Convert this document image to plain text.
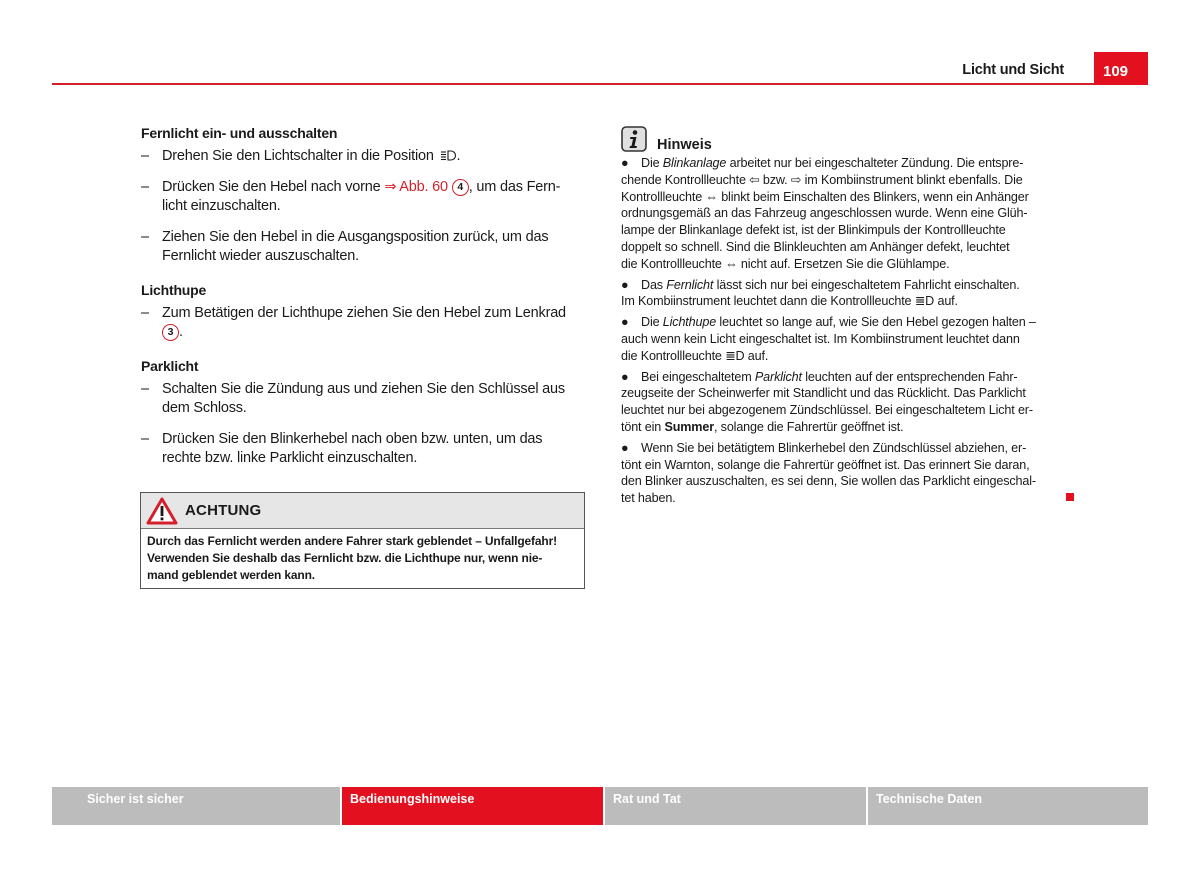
Licht und Sicht	109
Fernlicht ein- und ausschalten
– Drehen Sie den Lichtschalter in die Position .
– Drücken Sie den Hebel nach vorne ⇒ Abb. 60 4 , um das Fern-
licht einzuschalten.
– Ziehen Sie den Hebel in die Ausgangsposition zurück, um das
Fernlicht wieder auszuschalten.
Lichthupe
– Zum Betätigen der Lichthupe ziehen Sie den Hebel zum Lenkrad
3 .
Parklicht
– Schalten Sie die Zündung aus und ziehen Sie den Schlüssel aus
dem Schloss.
– Drücken Sie den Blinkerhebel nach oben bzw. unten, um das
rechte bzw. linke Parklicht einzuschalten.
ACHTUNG
Durch das Fernlicht werden andere Fahrer stark geblendet – Unfallgefahr!
Verwenden Sie deshalb das Fernlicht bzw. die Lichthupe nur, wenn nie-
mand geblendet werden kann.
Hinweis
● Die Blinkanlage arbeitet nur bei eingeschalteter Zündung. Die entspre-
chende Kontrollleuchte ⇦ bzw. ⇨ im Kombiinstrument blinkt ebenfalls. Die
Kontrollleuchte ⇔ blinkt beim Einschalten des Blinkers, wenn ein Anhänger
ordnungsgemäß an das Fahrzeug angeschlossen wurde. Wenn eine Glüh-
lampe der Blinkanlage defekt ist, ist der Blinkimpuls der Kontrollleuchte
doppelt so schnell. Sind die Blinkleuchten am Anhänger defekt, leuchtet
die Kontrollleuchte ⇔ nicht auf. Ersetzen Sie die Glühlampe.
● Das Fernlicht lässt sich nur bei eingeschaltetem Fahrlicht einschalten.
Im Kombiinstrument leuchtet dann die Kontrollleuchte ≣D auf.
● Die Lichthupe leuchtet so lange auf, wie Sie den Hebel gezogen halten –
auch wenn kein Licht eingeschaltet ist. Im Kombiinstrument leuchtet dann
die Kontrollleuchte ≣D auf.
● Bei eingeschaltetem Parklicht leuchten auf der entsprechenden Fahr-
zeugseite der Scheinwerfer mit Standlicht und das Rücklicht. Das Parklicht
leuchtet nur bei abgezogenem Zündschlüssel. Bei eingeschaltetem Licht er-
tönt ein Summer, solange die Fahrertür geöffnet ist.
● Wenn Sie bei betätigtem Blinkerhebel den Zündschlüssel abziehen, er-
tönt ein Warnton, solange die Fahrertür geöffnet ist. Das erinnert Sie daran,
den Blinker auszuschalten, es sei denn, Sie wollen das Parklicht eingeschal-
tet haben.
Sicher ist sicher	Bedienungshinweise	Rat und Tat	Technische Daten
